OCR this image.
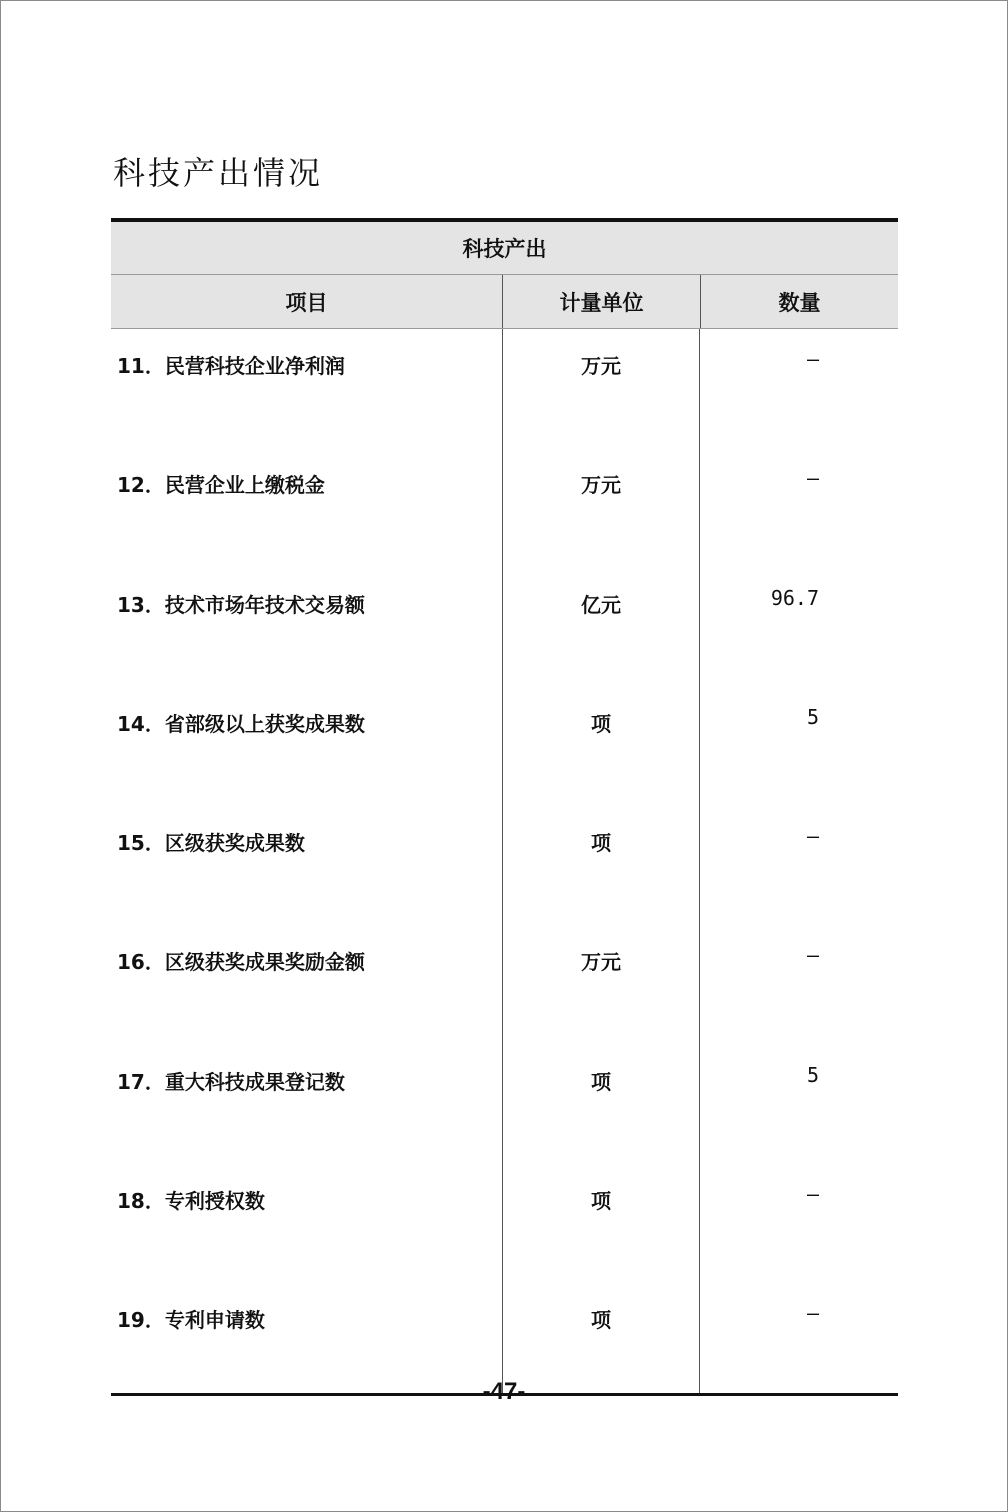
科技产出情况
科技产出
项目	计量单位	数量
11．民营科技企业净利润	万元	—
12．民营企业上缴税金	万元	—
13．技术市场年技术交易额	亿元	96.7
14．省部级以上获奖成果数	项	5
15．区级获奖成果数	项	—
16．区级获奖成果奖励金额	万元	—
17．重大科技成果登记数	项	5
18．专利授权数	项	—
19．专利申请数	项	—
-47-
